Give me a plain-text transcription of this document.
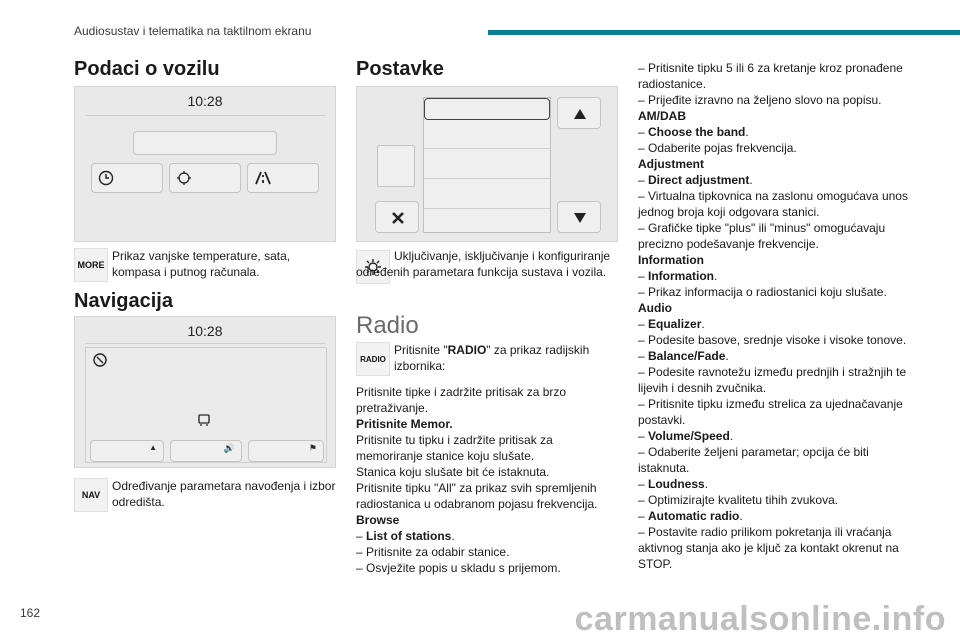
Audiosustav i telematika na taktilnom ekranu
Podaci o vozilu
10:28
MORE
Prikaz vanjske temperature, sata, kompasa i putnog računala.
Navigacija
10:28
▲	🔊	⚑
NAV
Određivanje parametara navođenja i izbor odredišta.
Postavke
Uključivanje, isključivanje i konfiguriranje određenih parametara funkcija sustava i vozila.
Radio
RADIO
Pritisnite "RADIO" za prikaz radijskih izbornika:
Pritisnite tipke i zadržite pritisak za brzo pretraživanje.
Pritisnite Memor.
Pritisnite tu tipku i zadržite pritisak za memoriranje stanice koju slušate.
Stanica koju slušate bit će istaknuta.
Pritisnite tipku "All" za prikaz svih spremljenih radiostanica u odabranom pojasu frekvencija.
Browse
– List of stations.
– Pritisnite za odabir stanice.
– Osvježite popis u skladu s prijemom.
– Pritisnite tipku 5 ili 6 za kretanje kroz pronađene radiostanice.
– Prijeđite izravno na željeno slovo na popisu.
AM/DAB
– Choose the band.
– Odaberite pojas frekvencija.
Adjustment
– Direct adjustment.
– Virtualna tipkovnica na zaslonu omogućava unos jednog broja koji odgovara stanici.
– Grafičke tipke "plus" ili "minus" omogućavaju precizno podešavanje frekvencije.
Information
– Information.
– Prikaz informacija o radiostanici koju slušate.
Audio
– Equalizer.
– Podesite basove, srednje visoke i visoke tonove.
– Balance/Fade.
– Podesite ravnotežu između prednjih i stražnjih te lijevih i desnih zvučnika.
– Pritisnite tipku između strelica za ujednačavanje postavki.
– Volume/Speed.
– Odaberite željeni parametar; opcija će biti istaknuta.
– Loudness.
– Optimizirajte kvalitetu tihih zvukova.
– Automatic radio.
– Postavite radio prilikom pokretanja ili vraćanja aktivnog stanja ako je ključ za kontakt okrenut na STOP.
162	carmanualsonline.info
